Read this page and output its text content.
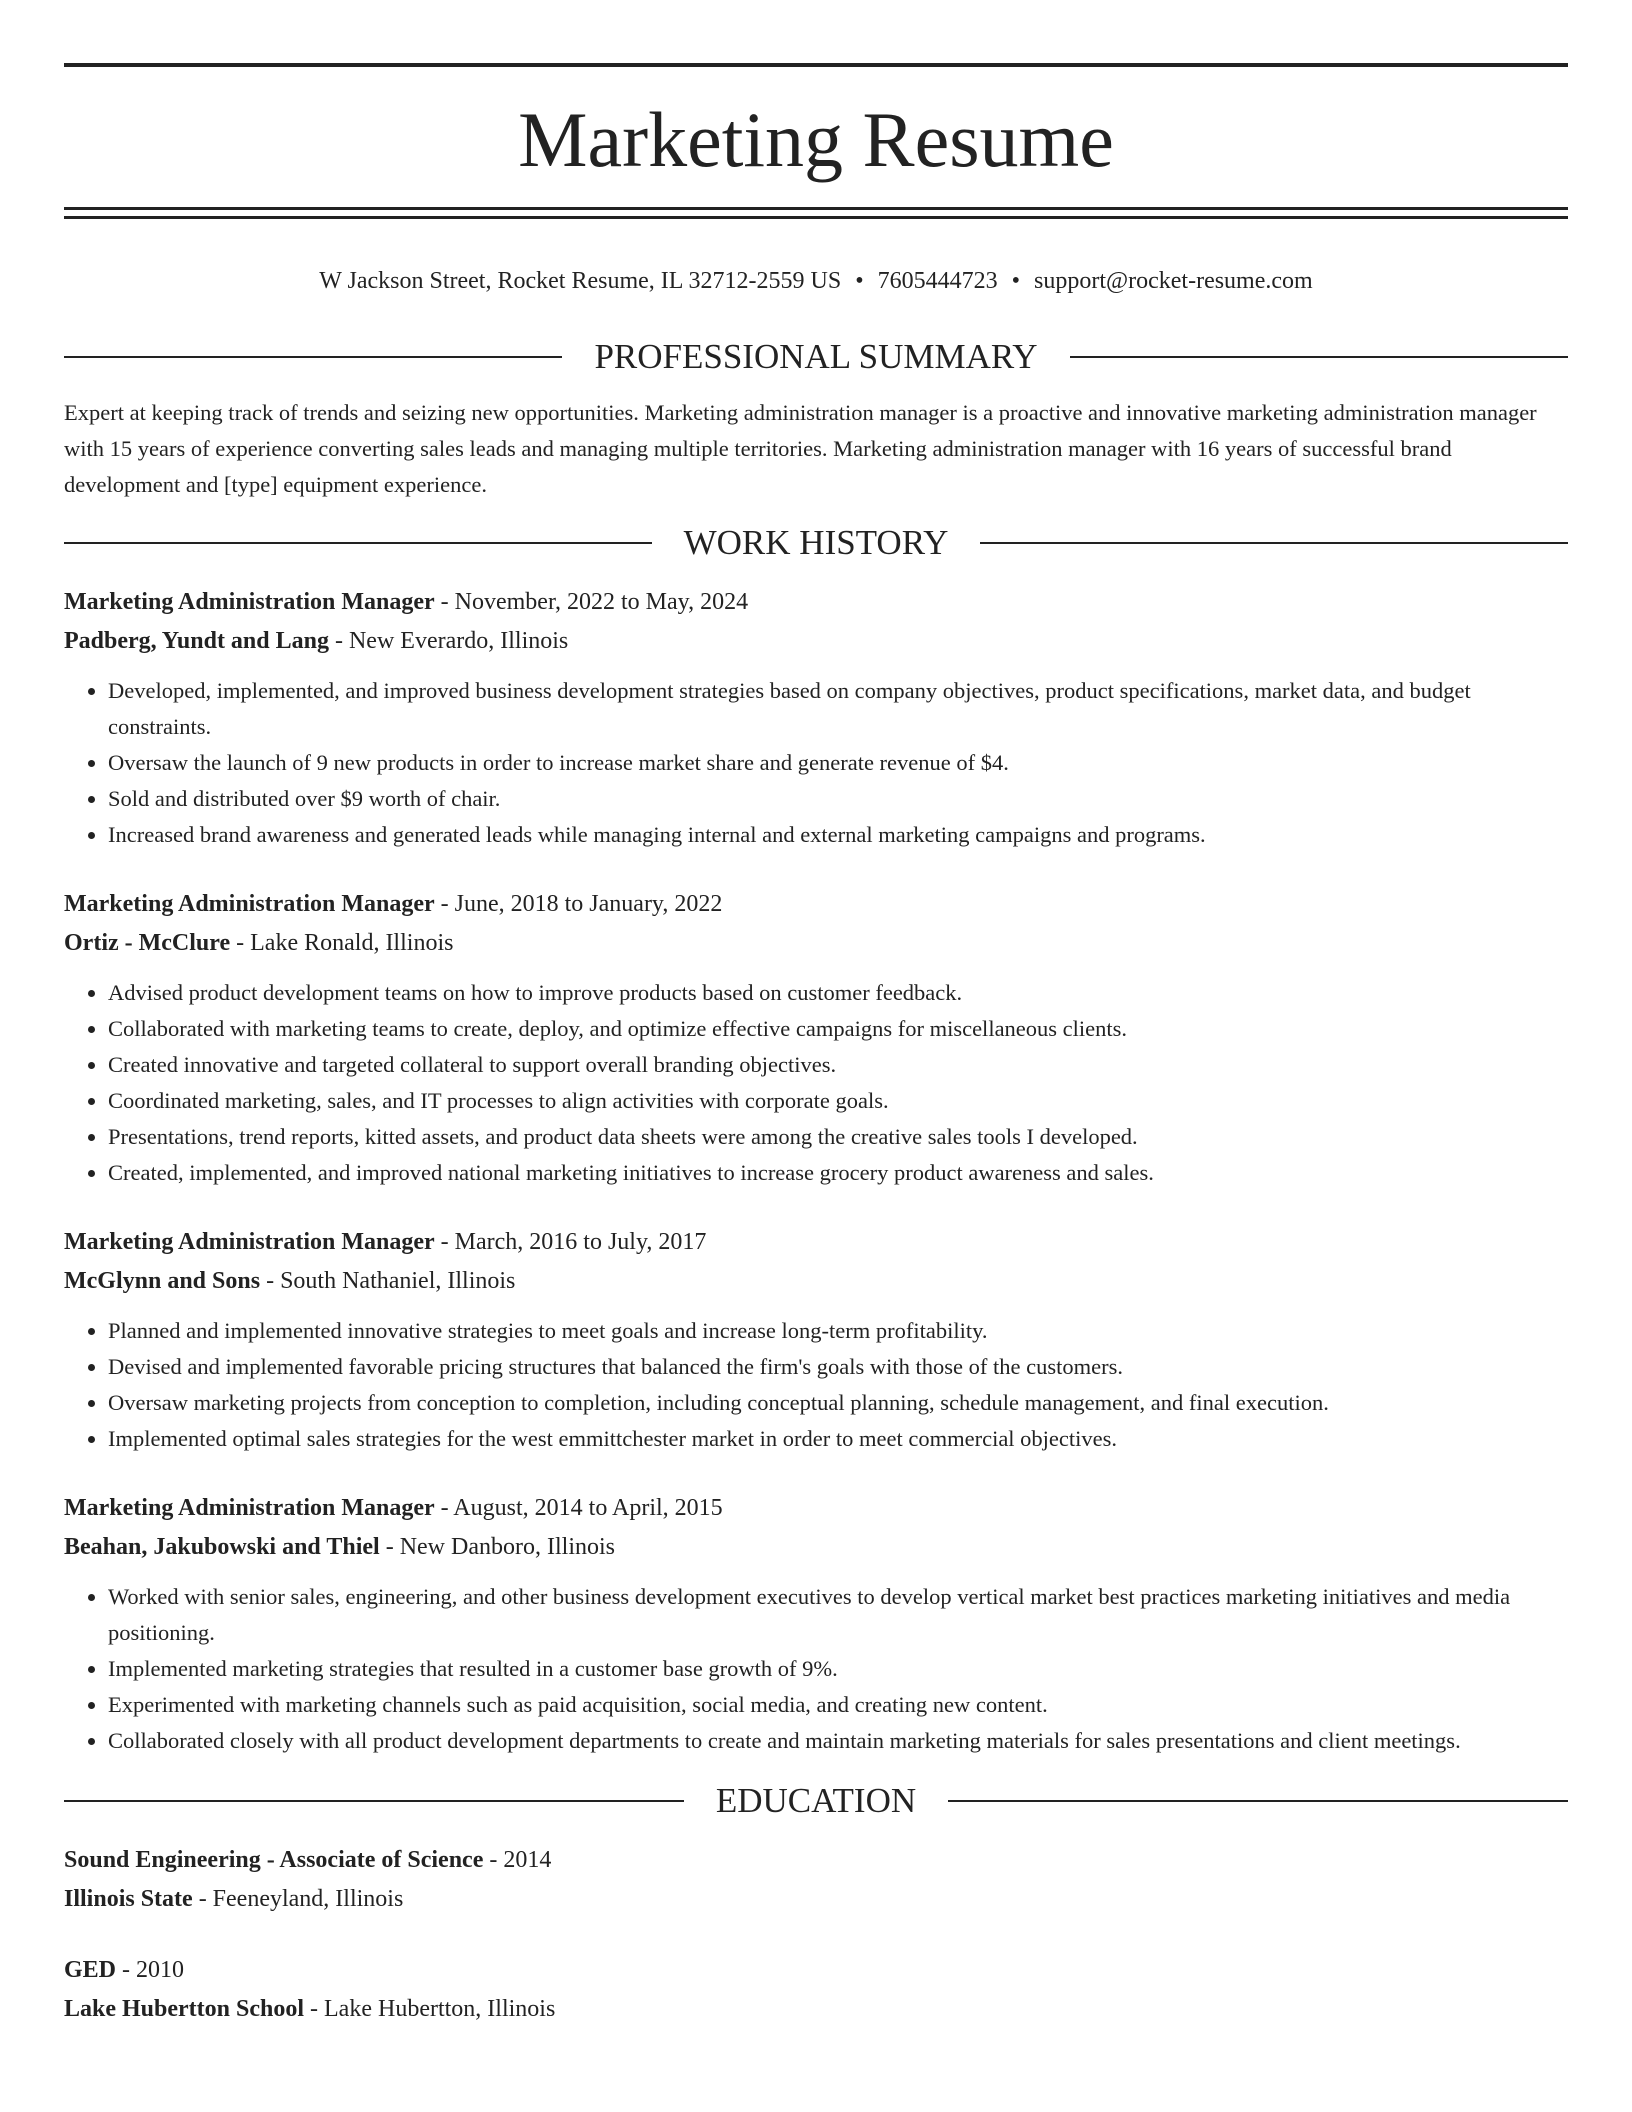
Marketing Resume
W Jackson Street, Rocket Resume, IL 32712-2559 US • 7605444723 • support@rocket-resume.com
PROFESSIONAL SUMMARY

Expert at keeping track of trends and seizing new opportunities. Marketing administration manager is a proactive and innovative marketing administration manager with 15 years of experience converting sales leads and managing multiple territories. Marketing administration manager with 16 years of successful brand development and [type] equipment experience.

WORK HISTORY
Marketing Administration Manager - November, 2022 to May, 2024
Padberg, Yundt and Lang - New Everardo, Illinois
• Developed, implemented, and improved business development strategies based on company objectives, product specifications, market data, and budget constraints.
• Oversaw the launch of 9 new products in order to increase market share and generate revenue of $4.
• Sold and distributed over $9 worth of chair.
• Increased brand awareness and generated leads while managing internal and external marketing campaigns and programs.
Marketing Administration Manager - June, 2018 to January, 2022
Ortiz - McClure - Lake Ronald, Illinois
• Advised product development teams on how to improve products based on customer feedback.
• Collaborated with marketing teams to create, deploy, and optimize effective campaigns for miscellaneous clients.
• Created innovative and targeted collateral to support overall branding objectives.
• Coordinated marketing, sales, and IT processes to align activities with corporate goals.
• Presentations, trend reports, kitted assets, and product data sheets were among the creative sales tools I developed.
• Created, implemented, and improved national marketing initiatives to increase grocery product awareness and sales.
Marketing Administration Manager - March, 2016 to July, 2017
McGlynn and Sons - South Nathaniel, Illinois
• Planned and implemented innovative strategies to meet goals and increase long-term profitability.
• Devised and implemented favorable pricing structures that balanced the firm's goals with those of the customers.
• Oversaw marketing projects from conception to completion, including conceptual planning, schedule management, and final execution.
• Implemented optimal sales strategies for the west emmittchester market in order to meet commercial objectives.
Marketing Administration Manager - August, 2014 to April, 2015
Beahan, Jakubowski and Thiel - New Danboro, Illinois
• Worked with senior sales, engineering, and other business development executives to develop vertical market best practices marketing initiatives and media positioning.
• Implemented marketing strategies that resulted in a customer base growth of 9%.
• Experimented with marketing channels such as paid acquisition, social media, and creating new content.
• Collaborated closely with all product development departments to create and maintain marketing materials for sales presentations and client meetings.
EDUCATION
Sound Engineering - Associate of Science - 2014
Illinois State - Feeneyland, Illinois
GED - 2010
Lake Hubertton School - Lake Hubertton, Illinois
